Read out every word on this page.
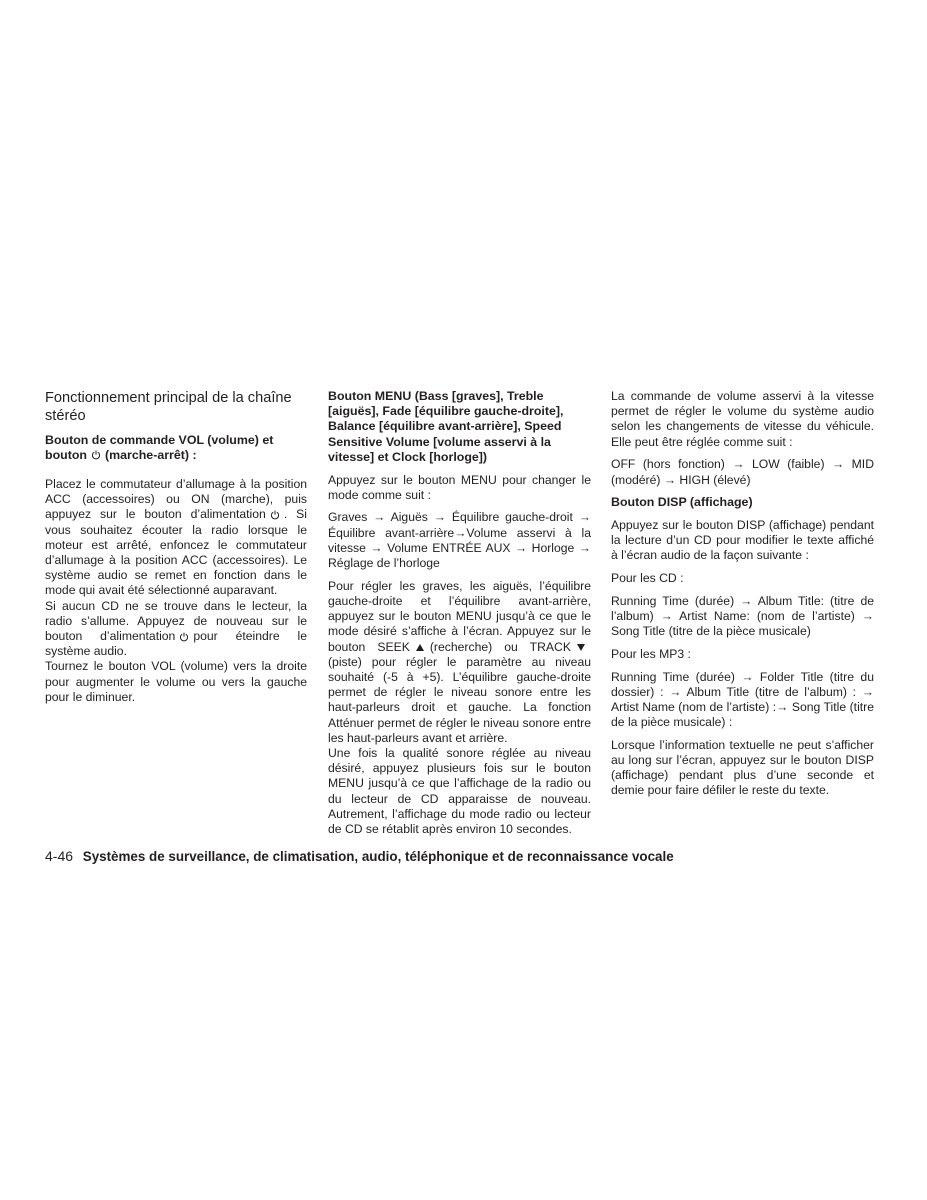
Fonctionnement principal de la chaîne stéréo

Bouton de commande VOL (volume) et bouton (marche-arrêt) :

Placez le commutateur d’allumage à la position ACC (accessoires) ou ON (marche), puis appuyez sur le bouton d’alimentation . Si vous souhaitez écouter la radio lorsque le moteur est arrêté, enfoncez le commutateur d’allumage à la position ACC (accessoires). Le système audio se remet en fonction dans le mode qui avait été sélectionné auparavant.

Si aucun CD ne se trouve dans le lecteur, la radio s’allume. Appuyez de nouveau sur le bouton d’alimentation pour éteindre le système audio.

Tournez le bouton VOL (volume) vers la droite pour augmenter le volume ou vers la gauche pour le diminuer.

Bouton MENU (Bass [graves], Treble [aiguës], Fade [équilibre gauche-droite], Balance [équilibre avant-arrière], Speed Sensitive Volume [volume asservi à la vitesse] et Clock [horloge])

Appuyez sur le bouton MENU pour changer le mode comme suit :

Graves → Aiguës → Équilibre gauche-droit → Équilibre avant-arrière→Volume asservi à la vitesse → Volume ENTRÉE AUX → Horloge → Réglage de l’horloge

Pour régler les graves, les aiguës, l’équilibre gauche-droite et l’équilibre avant-arrière, appuyez sur le bouton MENU jusqu’à ce que le mode désiré s’affiche à l’écran. Appuyez sur le bouton SEEK (recherche) ou TRACK(piste) pour régler le paramètre au niveau souhaité (-5 à +5). L’équilibre gauche-droite permet de régler le niveau sonore entre les haut-parleurs droit et gauche. La fonction Atténuer permet de régler le niveau sonore entre les haut-parleurs avant et arrière.

Une fois la qualité sonore réglée au niveau désiré, appuyez plusieurs fois sur le bouton MENU jusqu’à ce que l’affichage de la radio ou du lecteur de CD apparaisse de nouveau. Autrement, l’affichage du mode radio ou lecteur de CD se rétablit après environ 10 secondes.

La commande de volume asservi à la vitesse permet de régler le volume du système audio selon les changements de vitesse du véhicule. Elle peut être réglée comme suit :

OFF (hors fonction) → LOW (faible) → MID (modéré) → HIGH (élevé)

Bouton DISP (affichage)

Appuyez sur le bouton DISP (affichage) pendant la lecture d’un CD pour modifier le texte affiché à l’écran audio de la façon suivante :

Pour les CD :

Running Time (durée) → Album Title: (titre de l’album) → Artist Name: (nom de l’artiste) → Song Title (titre de la pièce musicale)

Pour les MP3 :

Running Time (durée) → Folder Title (titre du dossier) : → Album Title (titre de l’album) : → Artist Name (nom de l’artiste) :→ Song Title (titre de la pièce musicale) :

Lorsque l’information textuelle ne peut s’afficher au long sur l’écran, appuyez sur le bouton DISP (affichage) pendant plus d’une seconde et demie pour faire défiler le reste du texte.

4-46 Systèmes de surveillance, de climatisation, audio, téléphonique et de reconnaissance vocale
